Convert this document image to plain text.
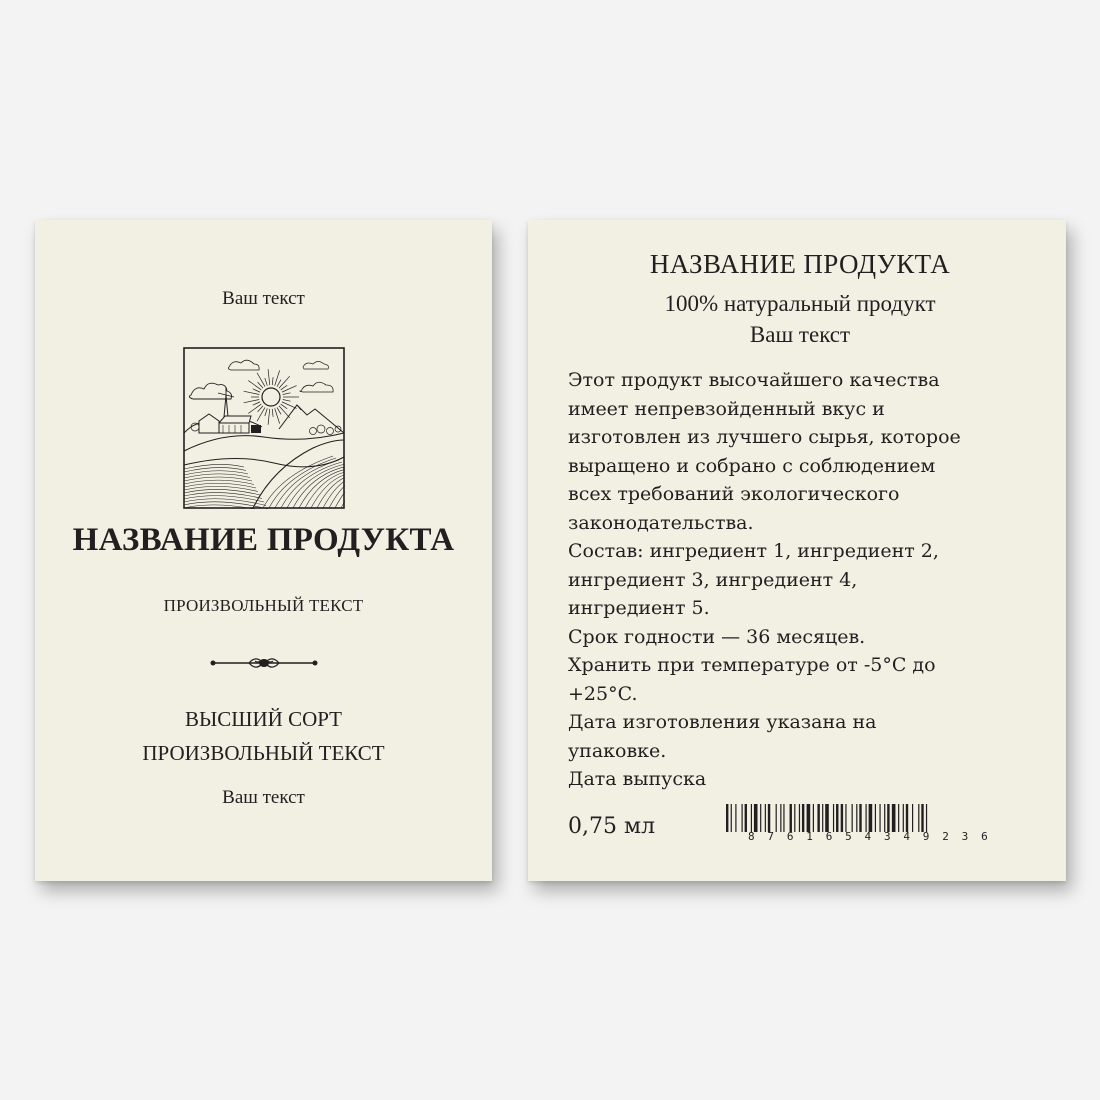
Ваш текст
НАЗВАНИЕ ПРОДУКТА
ПРОИЗВОЛЬНЫЙ ТЕКСТ
ВЫСШИЙ СОРТ
ПРОИЗВОЛЬНЫЙ ТЕКСТ
Ваш текст
НАЗВАНИЕ ПРОДУКТА
100% натуральный продукт
Ваш текст
Этот продукт высочайшего качества
имеет непревзойденный вкус и
изготовлен из лучшего сырья, которое
выращено и собрано с соблюдением
всех требований экологического
законодательства.
Состав: ингредиент 1, ингредиент 2,
ингредиент 3, ингредиент 4,
ингредиент 5.
Срок годности — 36 месяцев.
Хранить при температуре от -5°C до
+25°C.
Дата изготовления указана на
упаковке.
Дата выпуска
0,75 мл	8761654349236
